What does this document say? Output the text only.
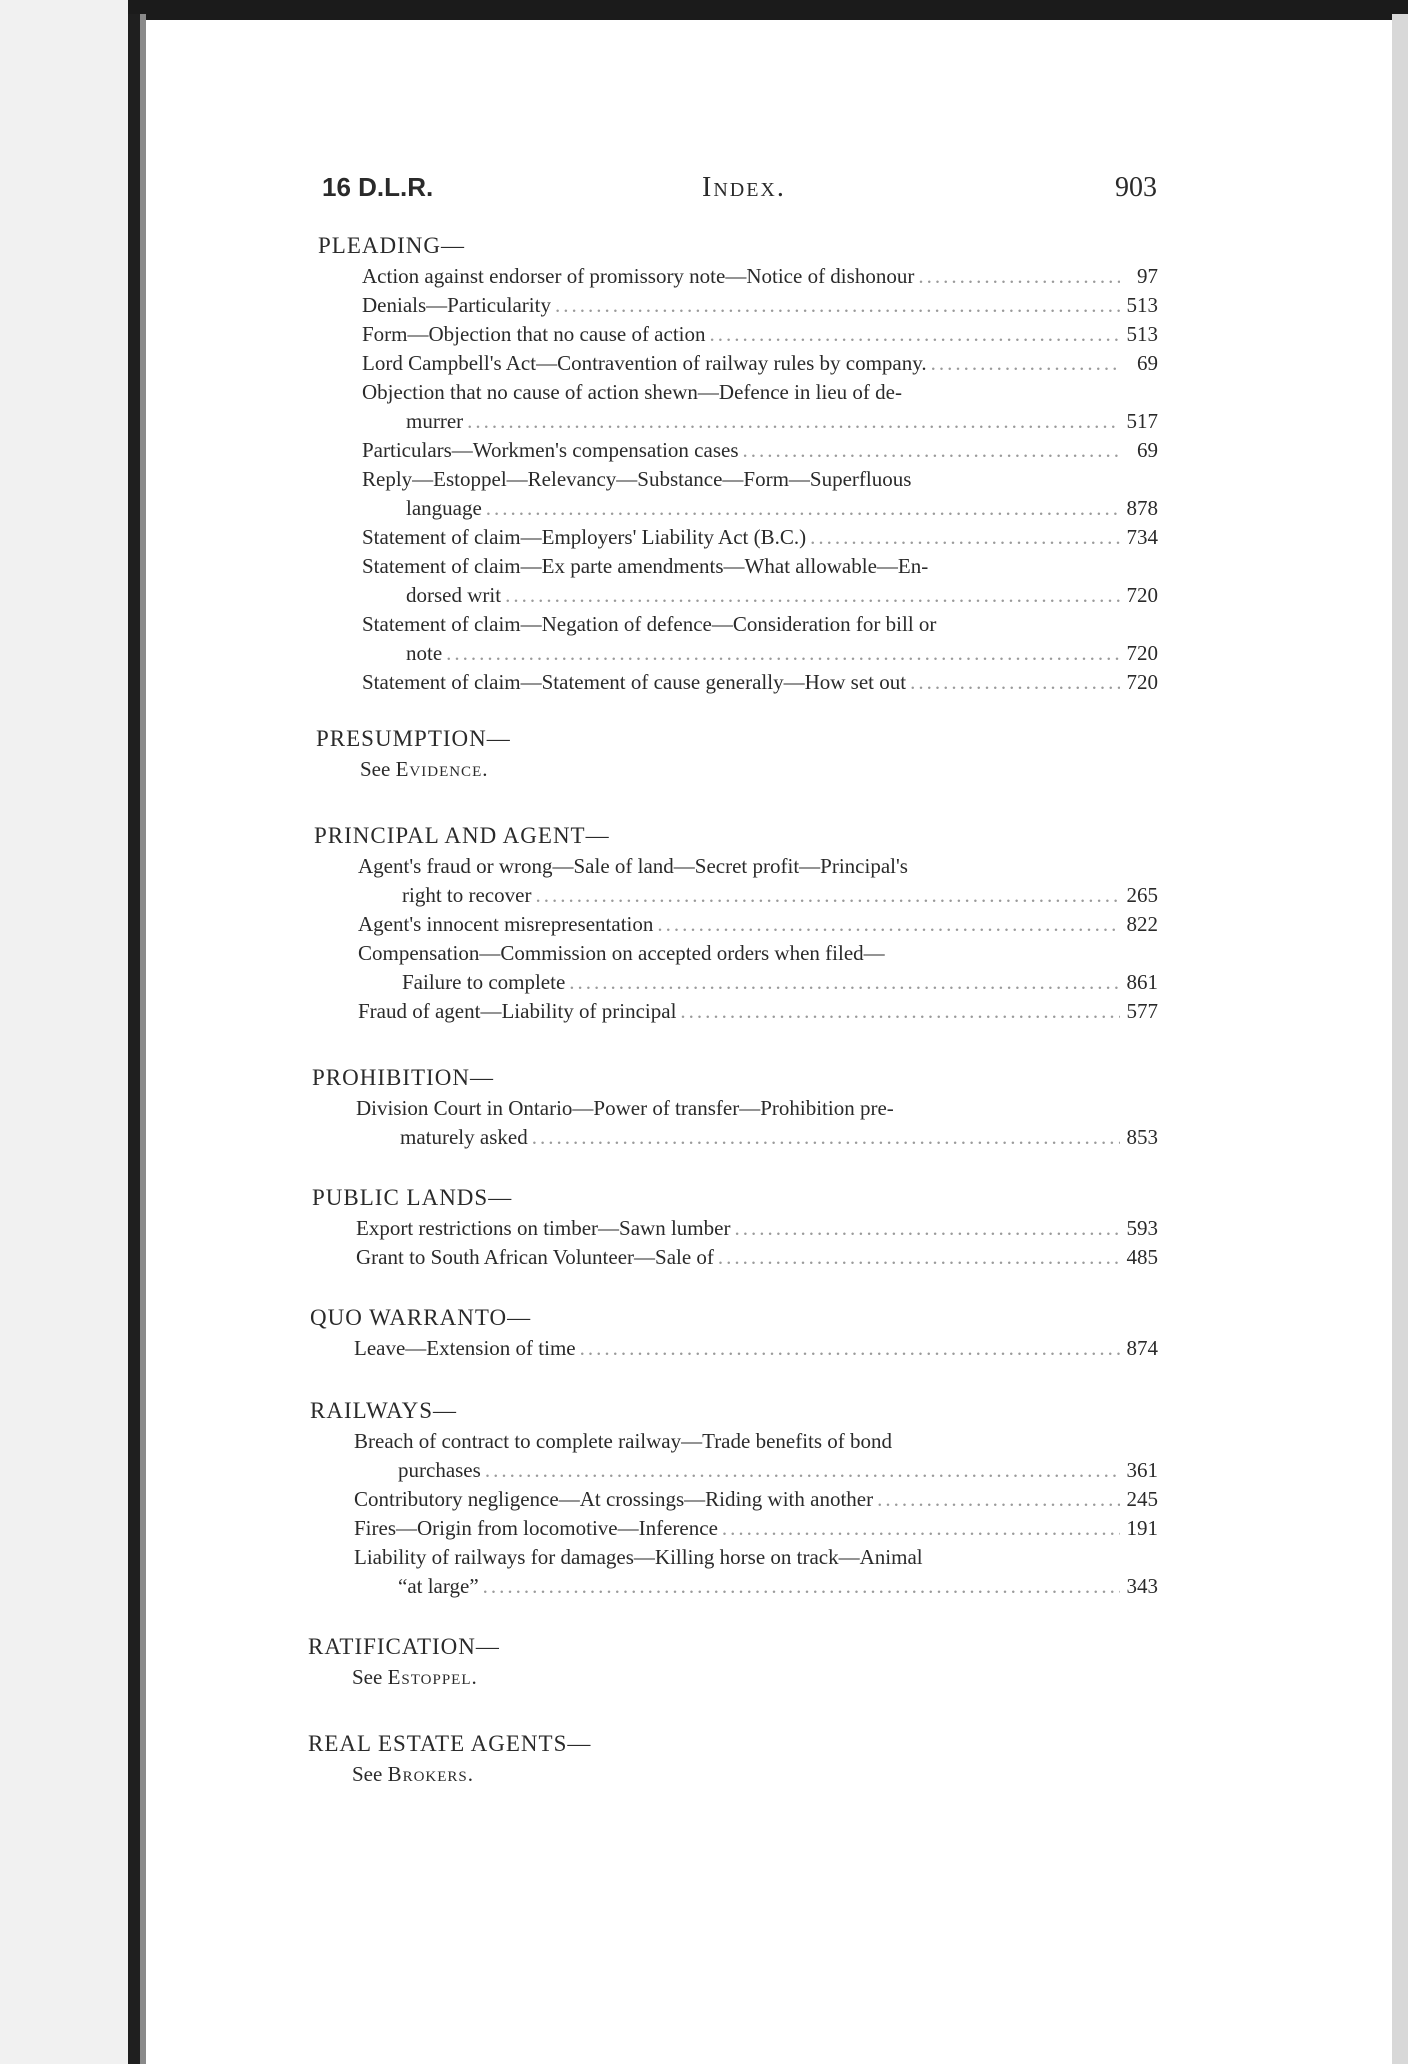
16 D.L.R.	Index.	903
PLEADING—
Action against endorser of promissory note—Notice of dishonour .....	97
Denials—Particularity .....	513
Form—Objection that no cause of action .....	513
Lord Campbell's Act—Contravention of railway rules by company. .....	69
Objection that no cause of action shewn—Defence in lieu of de-
murrer .....	517
Particulars—Workmen's compensation cases .....	69
Reply—Estoppel—Relevancy—Substance—Form—Superfluous
language .....	878
Statement of claim—Employers' Liability Act (B.C.) .....	734
Statement of claim—Ex parte amendments—What allowable—En-
dorsed writ .....	720
Statement of claim—Negation of defence—Consideration for bill or
note .....	720
Statement of claim—Statement of cause generally—How set out .....	720
PRESUMPTION—
See Evidence.
PRINCIPAL AND AGENT—
Agent's fraud or wrong—Sale of land—Secret profit—Principal's
right to recover .....	265
Agent's innocent misrepresentation .....	822
Compensation—Commission on accepted orders when filed—
Failure to complete .....	861
Fraud of agent—Liability of principal .....	577
PROHIBITION—
Division Court in Ontario—Power of transfer—Prohibition pre-
maturely asked .....	853
PUBLIC LANDS—
Export restrictions on timber—Sawn lumber .....	593
Grant to South African Volunteer—Sale of .....	485
QUO WARRANTO—
Leave—Extension of time .....	874
RAILWAYS—
Breach of contract to complete railway—Trade benefits of bond
purchases .....	361
Contributory negligence—At crossings—Riding with another .....	245
Fires—Origin from locomotive—Inference .....	191
Liability of railways for damages—Killing horse on track—Animal
“at large” .....	343
RATIFICATION—
See Estoppel.
REAL ESTATE AGENTS—
See Brokers.
